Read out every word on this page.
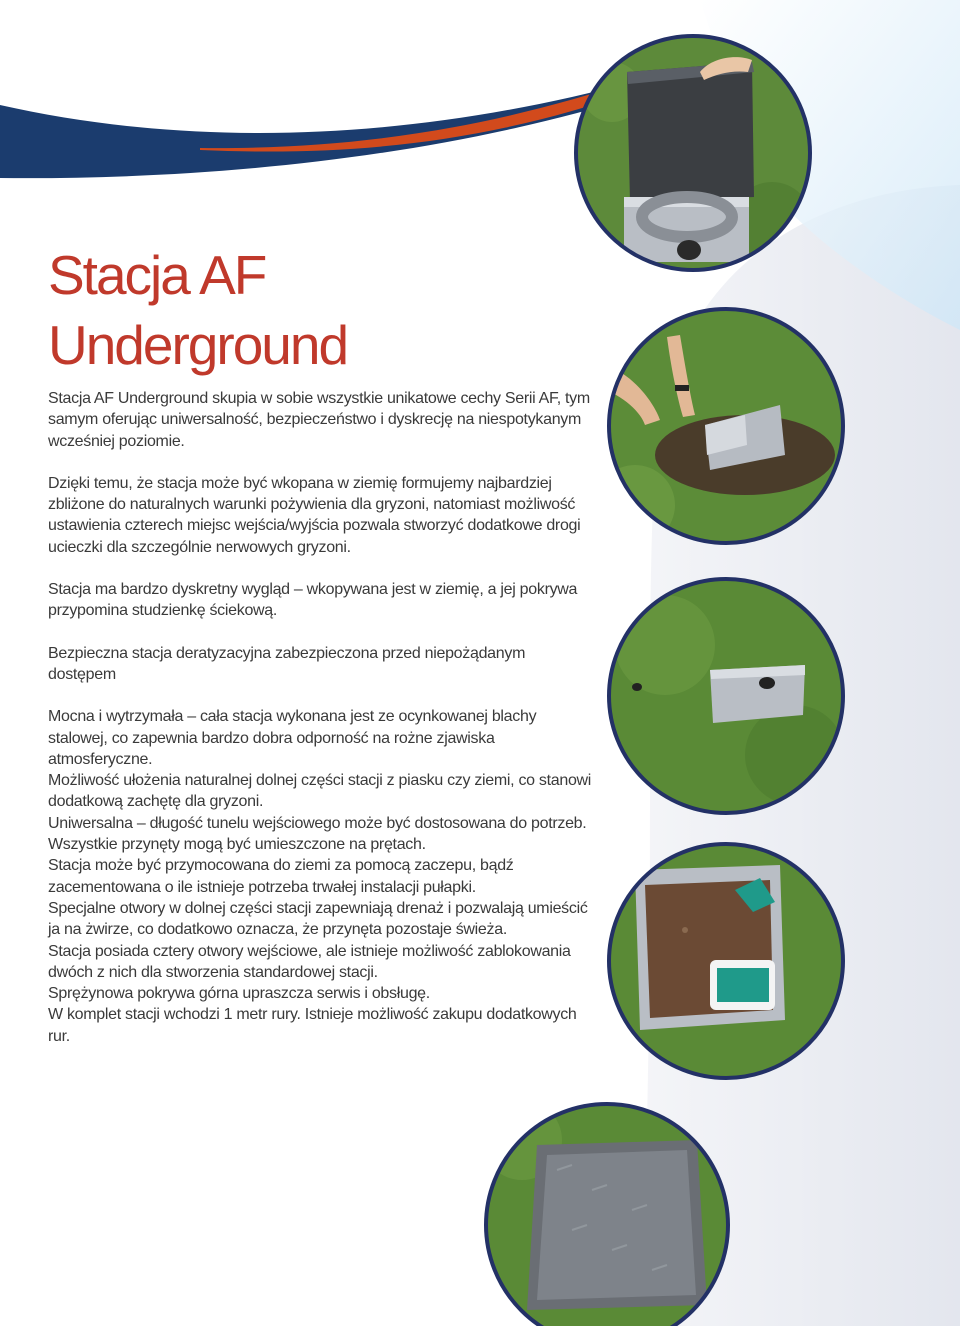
Stacja AF
Underground

Stacja AF Underground skupia w sobie wszystkie unikatowe cechy Serii AF, tym samym oferując uniwersalność, bezpieczeństwo i dyskrecję na niespotykanym wcześniej poziomie.

Dzięki temu, że stacja może być wkopana w ziemię formujemy najbardziej zbliżone do naturalnych warunki pożywienia dla gryzoni, natomiast możliwość ustawienia czterech miejsc wejścia/wyjścia pozwala stworzyć dodatkowe drogi ucieczki dla szczególnie nerwowych gryzoni.

Stacja ma bardzo dyskretny wygląd – wkopywana jest w ziemię, a jej pokrywa przypomina studzienkę ściekową.

Bezpieczna stacja deratyzacyjna zabezpieczona przed niepożądanym dostępem

Mocna i wytrzymała – cała stacja wykonana jest ze ocynkowanej blachy stalowej, co zapewnia bardzo dobra odporność na rożne zjawiska atmosferyczne.
Możliwość ułożenia naturalnej dolnej części stacji z piasku czy ziemi, co stanowi dodatkową zachętę dla gryzoni.
Uniwersalna – długość tunelu wejściowego może być dostosowana do potrzeb.
Wszystkie przynęty mogą być umieszczone na prętach.
Stacja może być przymocowana do ziemi za pomocą zaczepu, bądź zacementowana o ile istnieje potrzeba trwałej instalacji pułapki.
Specjalne otwory w dolnej części stacji zapewniają drenaż i pozwalają umieścić ja na żwirze, co dodatkowo oznacza, że przynęta pozostaje świeża.
Stacja posiada cztery otwory wejściowe, ale istnieje możliwość zablokowania dwóch z nich dla stworzenia standardowej stacji.
Sprężynowa pokrywa górna upraszcza serwis i obsługę.
W komplet stacji wchodzi 1 metr rury. Istnieje możliwość zakupu dodatkowych rur.
